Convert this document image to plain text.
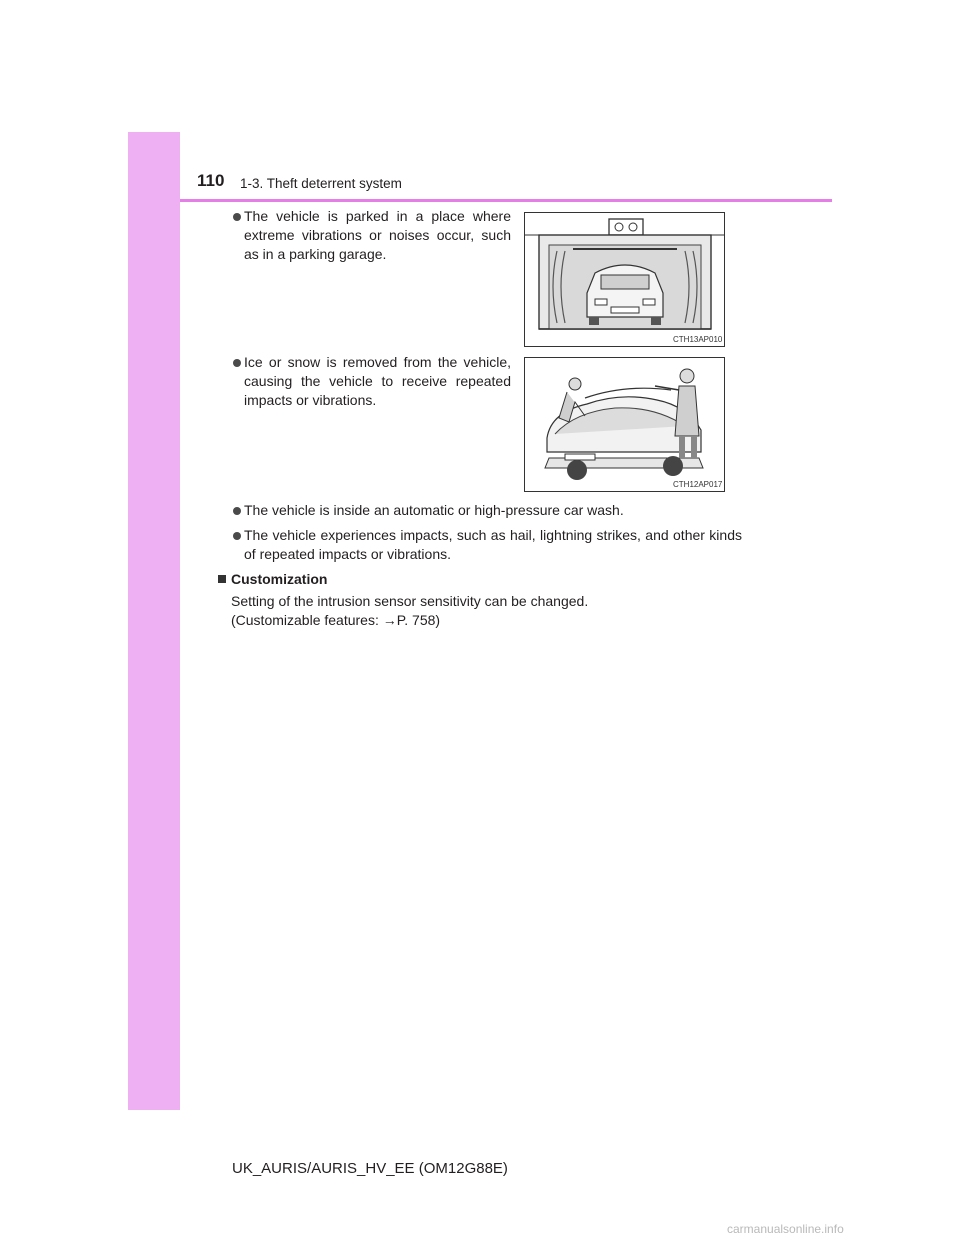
110 1-3. Theft deterrent system
The vehicle is parked in a place where extreme vibrations or noises occur, such as in a parking garage.
CTH13AP010
Ice or snow is removed from the vehicle, causing the vehicle to receive repeated impacts or vibrations.
CTH12AP017
The vehicle is inside an automatic or high-pressure car wash.
The vehicle experiences impacts, such as hail, lightning strikes, and other kinds of repeated impacts or vibrations.
Customization
Setting of the intrusion sensor sensitivity can be changed.
(Customizable features: →P. 758)
UK_AURIS/AURIS_HV_EE (OM12G88E)
carmanualsonline.info
